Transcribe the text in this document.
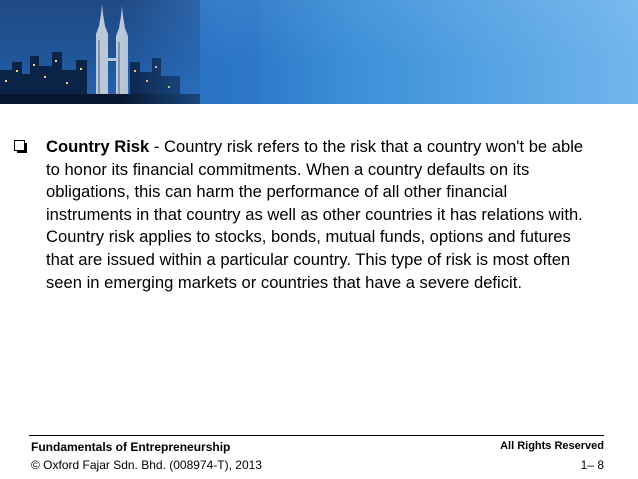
Country Risk - Country risk refers to the risk that a country won't be able to honor its financial commitments. When a country defaults on its obligations, this can harm the performance of all other financial instruments in that country as well as other countries it has relations with. Country risk applies to stocks, bonds, mutual funds, options and futures that are issued within a particular country. This type of risk is most often seen in emerging markets or countries that have a severe deficit.

Fundamentals of Entrepreneurship
© Oxford Fajar Sdn. Bhd. (008974-T), 2013
All Rights Reserved
1– 8
